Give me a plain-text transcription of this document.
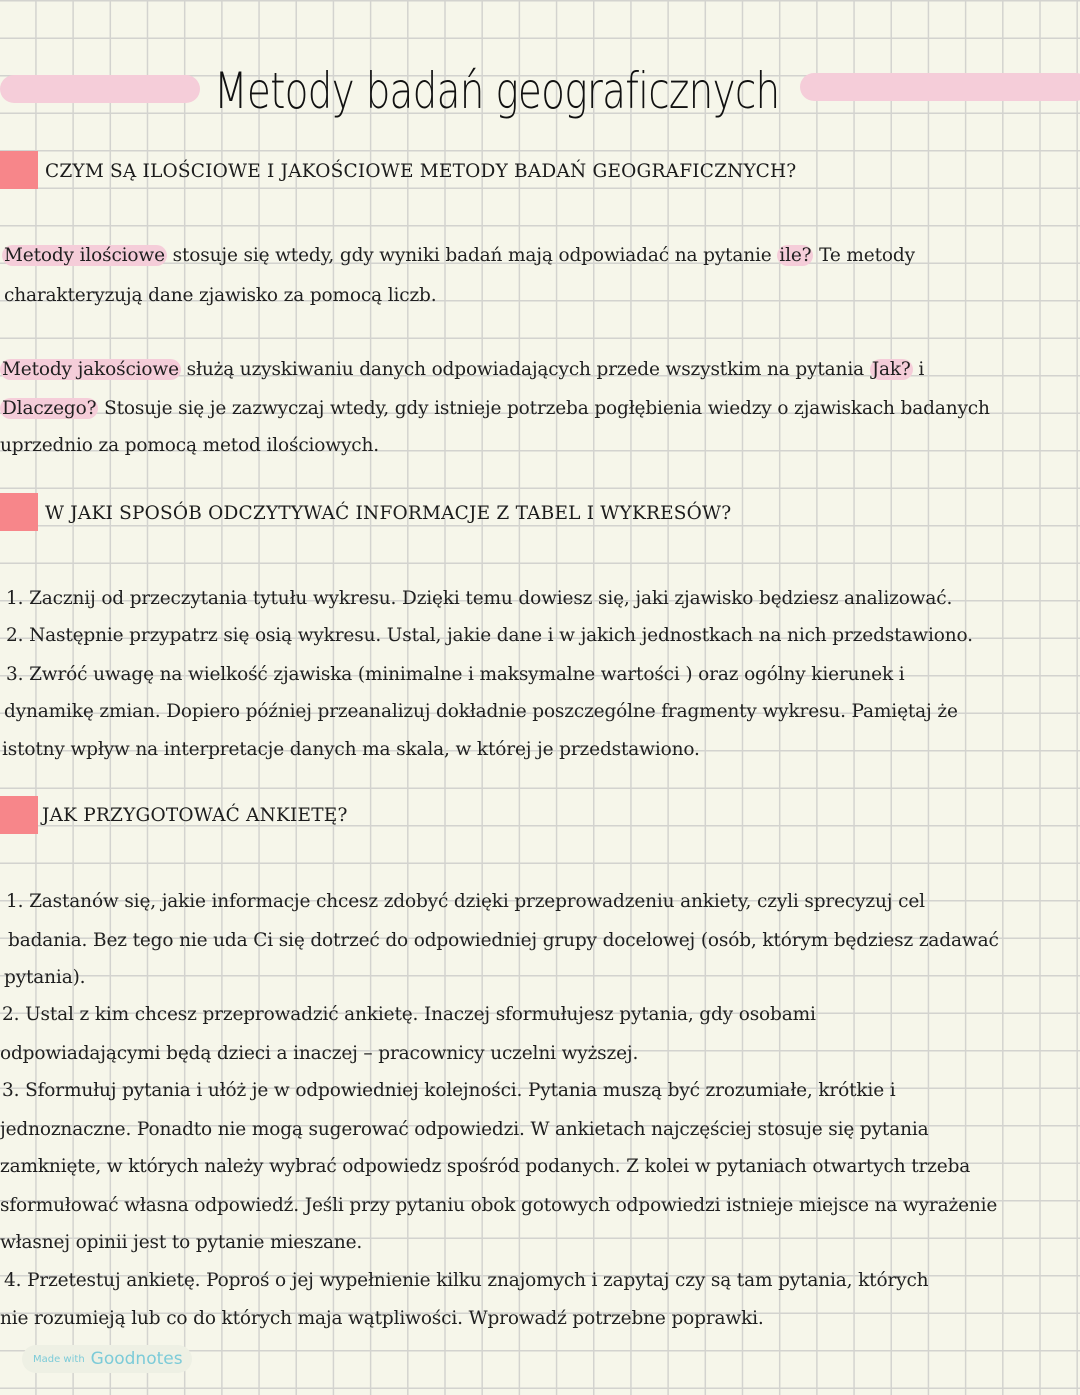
Metody badań geograficznych
CZYM SĄ ILOŚCIOWE I JAKOŚCIOWE METODY BADAŃ GEOGRAFICZNYCH?
Metody ilościowe stosuje się wtedy, gdy wyniki badań mają odpowiadać na pytanie ile? Te metody
charakteryzują dane zjawisko za pomocą liczb.
Metody jakościowe służą uzyskiwaniu danych odpowiadających przede wszystkim na pytania Jak? i
Dlaczego? Stosuje się je zazwyczaj wtedy, gdy istnieje potrzeba pogłębienia wiedzy o zjawiskach badanych
uprzednio za pomocą metod ilościowych.
W JAKI SPOSÓB ODCZYTYWAĆ INFORMACJE Z TABEL I WYKRESÓW?
1. Zacznij od przeczytania tytułu wykresu. Dzięki temu dowiesz się, jaki zjawisko będziesz analizować.
2. Następnie przypatrz się osią wykresu. Ustal, jakie dane i w jakich jednostkach na nich przedstawiono.
3. Zwróć uwagę na wielkość zjawiska (minimalne i maksymalne wartości ) oraz ogólny kierunek i
dynamikę zmian. Dopiero później przeanalizuj dokładnie poszczególne fragmenty wykresu. Pamiętaj że
istotny wpływ na interpretacje danych ma skala, w której je przedstawiono.
JAK PRZYGOTOWAĆ ANKIETĘ?
1. Zastanów się, jakie informacje chcesz zdobyć dzięki przeprowadzeniu ankiety, czyli sprecyzuj cel
badania. Bez tego nie uda Ci się dotrzeć do odpowiedniej grupy docelowej (osób, którym będziesz zadawać
pytania).
2. Ustal z kim chcesz przeprowadzić ankietę. Inaczej sformułujesz pytania, gdy osobami
odpowiadającymi będą dzieci a inaczej – pracownicy uczelni wyższej.
3. Sformułuj pytania i ułóż je w odpowiedniej kolejności. Pytania muszą być zrozumiałe, krótkie i
jednoznaczne. Ponadto nie mogą sugerować odpowiedzi. W ankietach najczęściej stosuje się pytania
zamknięte, w których należy wybrać odpowiedz spośród podanych. Z kolei w pytaniach otwartych trzeba
sformułować własna odpowiedź. Jeśli przy pytaniu obok gotowych odpowiedzi istnieje miejsce na wyrażenie
własnej opinii jest to pytanie mieszane.
4. Przetestuj ankietę. Poproś o jej wypełnienie kilku znajomych i zapytaj czy są tam pytania, których
nie rozumieją lub co do których maja wątpliwości. Wprowadź potrzebne poprawki.
Made with Goodnotes
